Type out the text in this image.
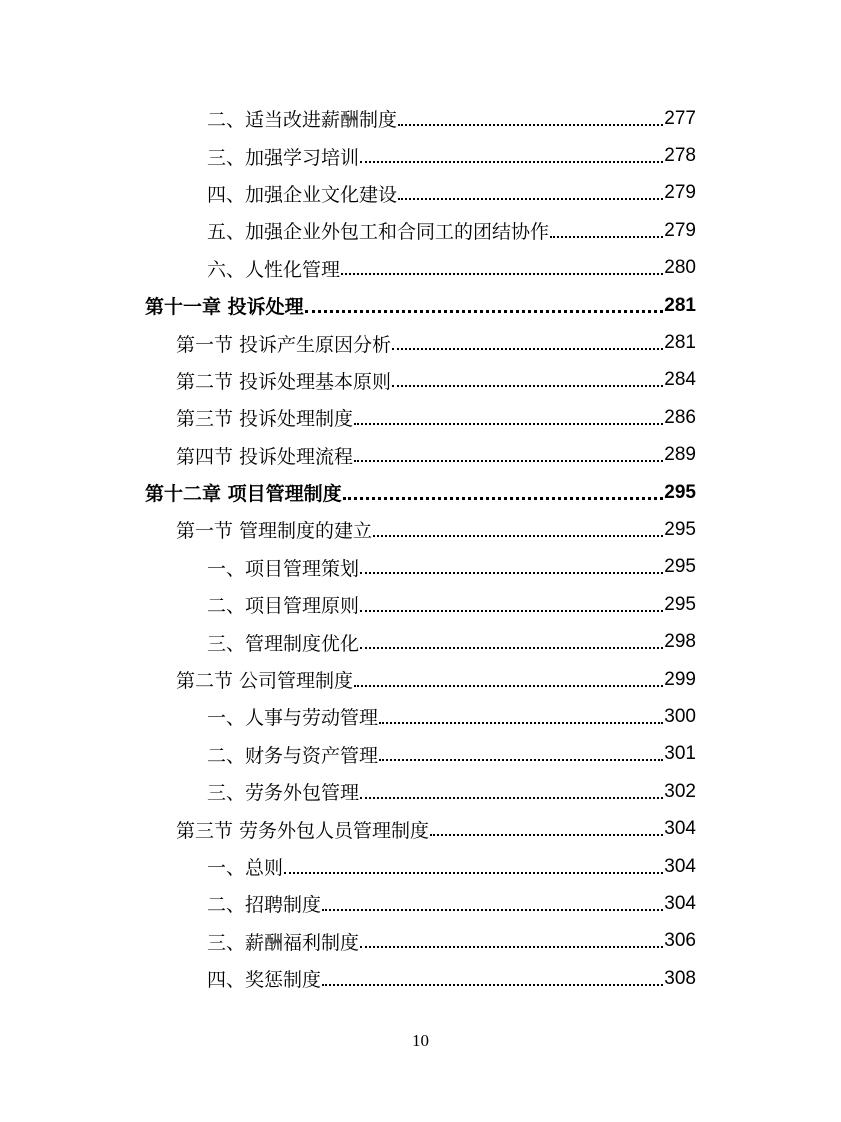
二、适当改进薪酬制度	277
三、加强学习培训	278
四、加强企业文化建设	279
五、加强企业外包工和合同工的团结协作	279
六、人性化管理	280
第十一章 投诉处理	281
第一节 投诉产生原因分析	281
第二节 投诉处理基本原则	284
第三节 投诉处理制度	286
第四节 投诉处理流程	289
第十二章 项目管理制度	295
第一节 管理制度的建立	295
一、项目管理策划	295
二、项目管理原则	295
三、管理制度优化	298
第二节 公司管理制度	299
一、人事与劳动管理	300
二、财务与资产管理	301
三、劳务外包管理	302
第三节 劳务外包人员管理制度	304
一、总则	304
二、招聘制度	304
三、薪酬福利制度	306
四、奖惩制度	308
10
